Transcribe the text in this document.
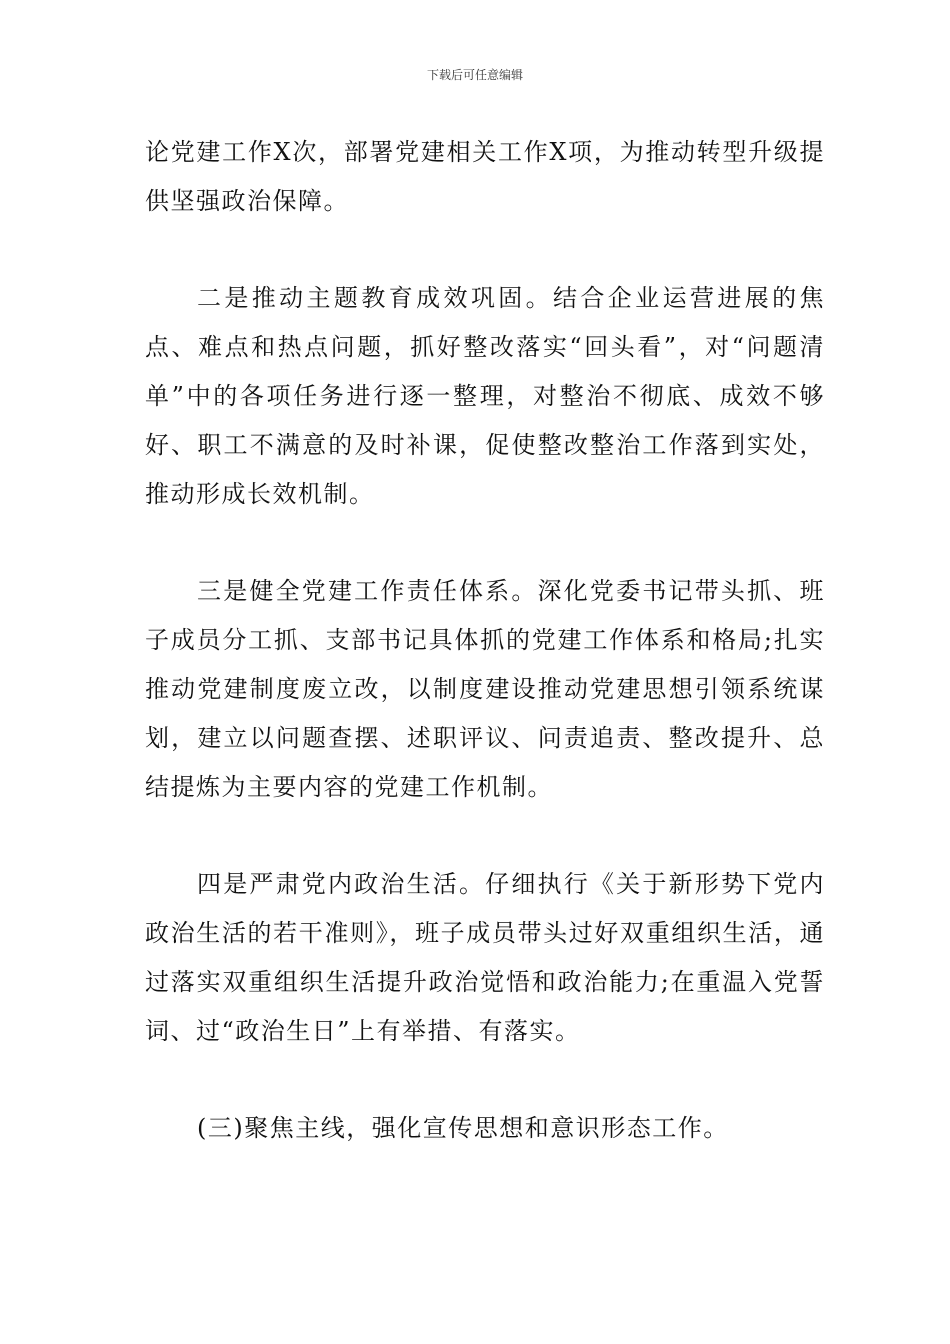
下载后可任意编辑

论党建工作X次，部署党建相关工作X项，为推动转型升级提供坚强政治保障。

二是推动主题教育成效巩固。结合企业运营进展的焦点、难点和热点问题，抓好整改落实“回头看”，对“问题清单”中的各项任务进行逐一整理，对整治不彻底、成效不够好、职工不满意的及时补课，促使整改整治工作落到实处，推动形成长效机制。

三是健全党建工作责任体系。深化党委书记带头抓、班子成员分工抓、支部书记具体抓的党建工作体系和格局;扎实推动党建制度废立改，以制度建设推动党建思想引领系统谋划，建立以问题查摆、述职评议、问责追责、整改提升、总结提炼为主要内容的党建工作机制。

四是严肃党内政治生活。仔细执行《关于新形势下党内政治生活的若干准则》，班子成员带头过好双重组织生活，通过落实双重组织生活提升政治觉悟和政治能力;在重温入党誓词、过“政治生日”上有举措、有落实。

(三)聚焦主线，强化宣传思想和意识形态工作。
